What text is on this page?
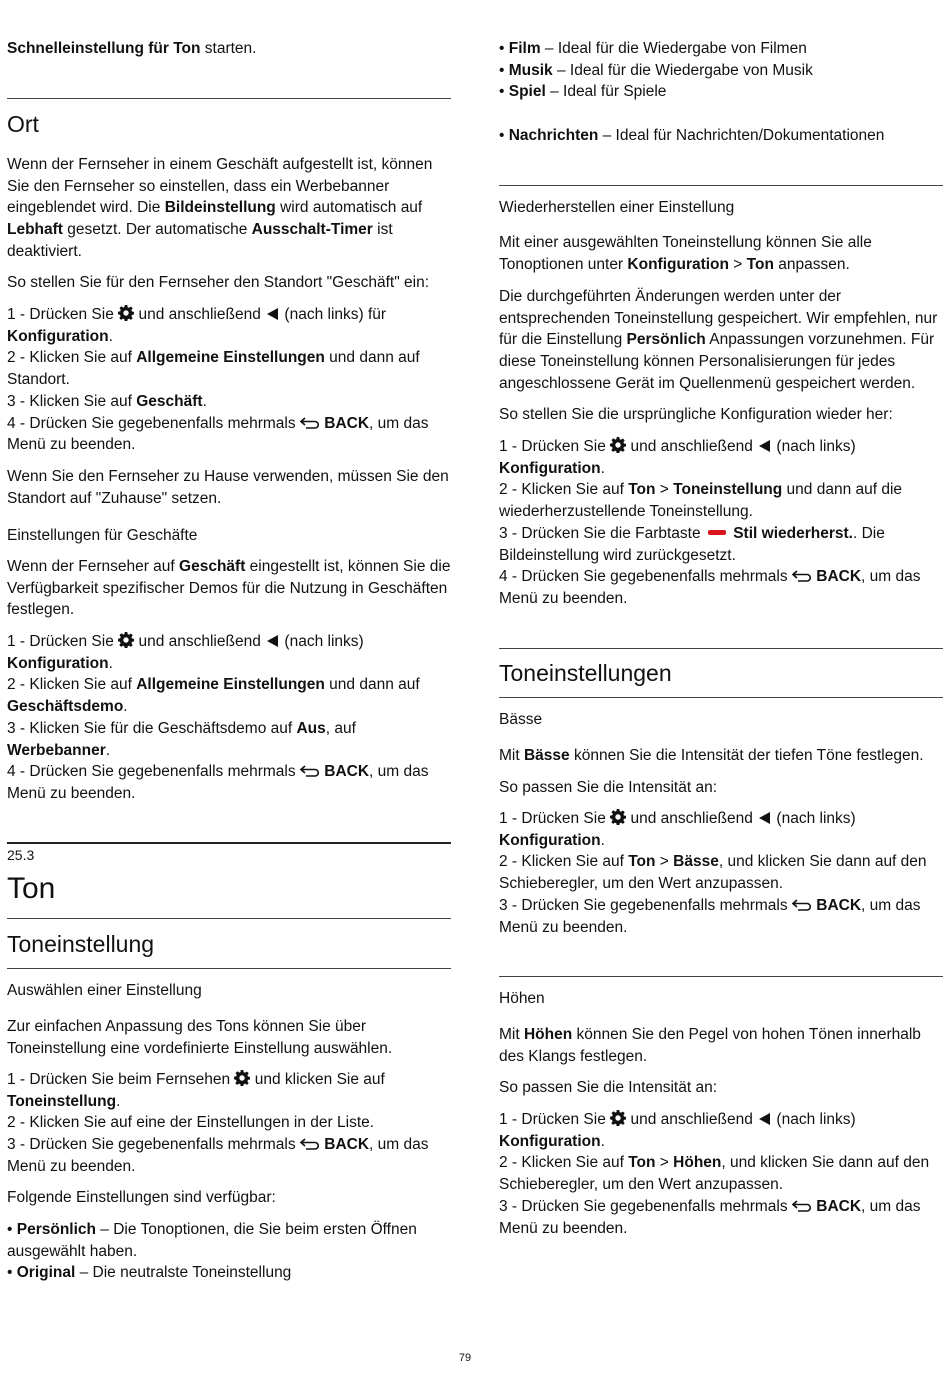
Schnelleinstellung für Ton starten.

Ort

Wenn der Fernseher in einem Geschäft aufgestellt ist, können Sie den Fernseher so einstellen, dass ein Werbebanner eingeblendet wird. Die Bildeinstellung wird automatisch auf Lebhaft gesetzt. Der automatische Ausschalt-Timer ist deaktiviert.

So stellen Sie für den Fernseher den Standort "Geschäft" ein:

1 - Drücken Sie  und anschließend  (nach links) für Konfiguration.

2 - Klicken Sie auf Allgemeine Einstellungen und dann auf Standort.

3 - Klicken Sie auf Geschäft.

4 - Drücken Sie gegebenenfalls mehrmals  BACK, um das Menü zu beenden.

Wenn Sie den Fernseher zu Hause verwenden, müssen Sie den Standort auf "Zuhause" setzen.

Einstellungen für Geschäfte

Wenn der Fernseher auf Geschäft eingestellt ist, können Sie die Verfügbarkeit spezifischer Demos für die Nutzung in Geschäften festlegen.

1 - Drücken Sie  und anschließend  (nach links) Konfiguration.

2 - Klicken Sie auf Allgemeine Einstellungen und dann auf Geschäftsdemo.

3 - Klicken Sie für die Geschäftsdemo auf Aus, auf Werbebanner.

4 - Drücken Sie gegebenenfalls mehrmals  BACK, um das Menü zu beenden.

25.3
Ton
Toneinstellung

Auswählen einer Einstellung

Zur einfachen Anpassung des Tons können Sie über Toneinstellung eine vordefinierte Einstellung auswählen.

1 - Drücken Sie beim Fernsehen  und klicken Sie auf Toneinstellung.

2 - Klicken Sie auf eine der Einstellungen in der Liste.

3 - Drücken Sie gegebenenfalls mehrmals  BACK, um das Menü zu beenden.

Folgende Einstellungen sind verfügbar:

• Persönlich – Die Tonoptionen, die Sie beim ersten Öffnen ausgewählt haben.

• Original – Die neutralste Toneinstellung

• Film – Ideal für die Wiedergabe von Filmen

• Musik – Ideal für die Wiedergabe von Musik

• Spiel – Ideal für Spiele

• Nachrichten – Ideal für Nachrichten/Dokumentationen

Wiederherstellen einer Einstellung

Mit einer ausgewählten Toneinstellung können Sie alle Tonoptionen unter Konfiguration > Ton anpassen.

Die durchgeführten Änderungen werden unter der entsprechenden Toneinstellung gespeichert. Wir empfehlen, nur für die Einstellung Persönlich Anpassungen vorzunehmen. Für diese Toneinstellung können Personalisierungen für jedes angeschlossene Gerät im Quellenmenü gespeichert werden.

So stellen Sie die ursprüngliche Konfiguration wieder her:

1 - Drücken Sie  und anschließend  (nach links) Konfiguration.

2 - Klicken Sie auf Ton > Toneinstellung und dann auf die wiederherzustellende Toneinstellung.

3 - Drücken Sie die Farbtaste  Stil wiederherst.. Die Bildeinstellung wird zurückgesetzt.

4 - Drücken Sie gegebenenfalls mehrmals  BACK, um das Menü zu beenden.

Toneinstellungen

Bässe

Mit Bässe können Sie die Intensität der tiefen Töne festlegen.

So passen Sie die Intensität an:

1 - Drücken Sie  und anschließend  (nach links) Konfiguration.

2 - Klicken Sie auf Ton > Bässe, und klicken Sie dann auf den Schieberegler, um den Wert anzupassen.

3 - Drücken Sie gegebenenfalls mehrmals  BACK, um das Menü zu beenden.

Höhen

Mit Höhen können Sie den Pegel von hohen Tönen innerhalb des Klangs festlegen.

So passen Sie die Intensität an:

1 - Drücken Sie  und anschließend  (nach links) Konfiguration.

2 - Klicken Sie auf Ton > Höhen, und klicken Sie dann auf den Schieberegler, um den Wert anzupassen.

3 - Drücken Sie gegebenenfalls mehrmals  BACK, um das Menü zu beenden.

79
